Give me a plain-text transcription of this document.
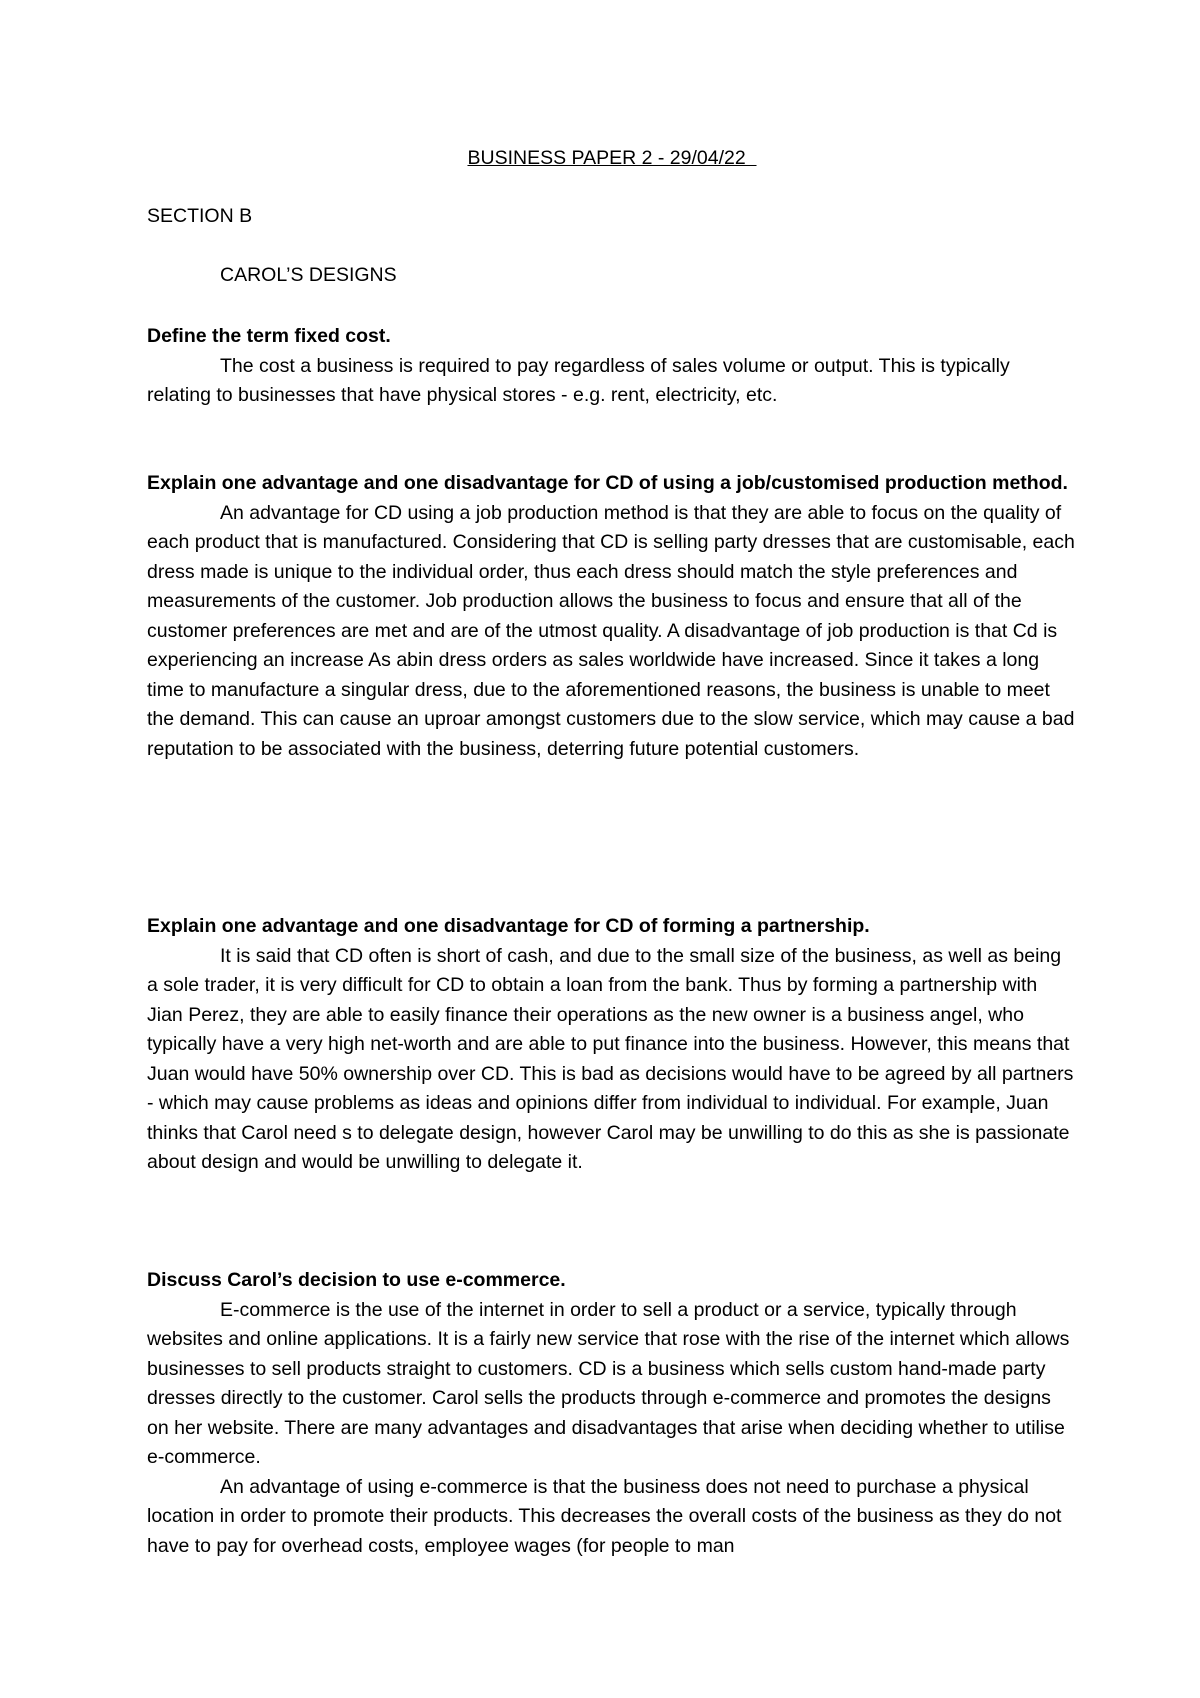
BUSINESS PAPER 2 - 29/04/22
SECTION B
CAROL’S DESIGNS

Define the term fixed cost.

The cost a business is required to pay regardless of sales volume or output. This is typically relating to businesses that have physical stores - e.g. rent, electricity, etc.

Explain one advantage and one disadvantage for CD of using a job/customised production method.

An advantage for CD using a job production method is that they are able to focus on the quality of each product that is manufactured. Considering that CD is selling party dresses that are customisable, each dress made is unique to the individual order, thus each dress should match the style preferences and measurements of the customer. Job production allows the business to focus and ensure that all of the customer preferences are met and are of the utmost quality. A disadvantage of job production is that Cd is experiencing an increase As abin dress orders as sales worldwide have increased. Since it takes a long time to manufacture a singular dress, due to the aforementioned reasons, the business is unable to meet the demand. This can cause an uproar amongst customers due to the slow service, which may cause a bad reputation to be associated with the business, deterring future potential customers.

Explain one advantage and one disadvantage for CD of forming a partnership.

It is said that CD often is short of cash, and due to the small size of the business, as well as being a sole trader, it is very difficult for CD to obtain a loan from the bank. Thus by forming a partnership with Jian Perez, they are able to easily finance their operations as the new owner is a business angel, who typically have a very high net-worth and are able to put finance into the business. However, this means that Juan would have 50% ownership over CD. This is bad as decisions would have to be agreed by all partners - which may cause problems as ideas and opinions differ from individual to individual. For example, Juan thinks that Carol need s to delegate design, however Carol may be unwilling to do this as she is passionate about design and would be unwilling to delegate it.

Discuss Carol’s decision to use e-commerce.

E-commerce is the use of the internet in order to sell a product or a service, typically through websites and online applications. It is a fairly new service that rose with the rise of the internet which allows businesses to sell products straight to customers. CD is a business which sells custom hand-made party dresses directly to the customer. Carol sells the products through e-commerce and promotes the designs on her website. There are many advantages and disadvantages that arise when deciding whether to utilise e-commerce.

An advantage of using e-commerce is that the business does not need to purchase a physical location in order to promote their products. This decreases the overall costs of the business as they do not have to pay for overhead costs, employee wages (for people to man
